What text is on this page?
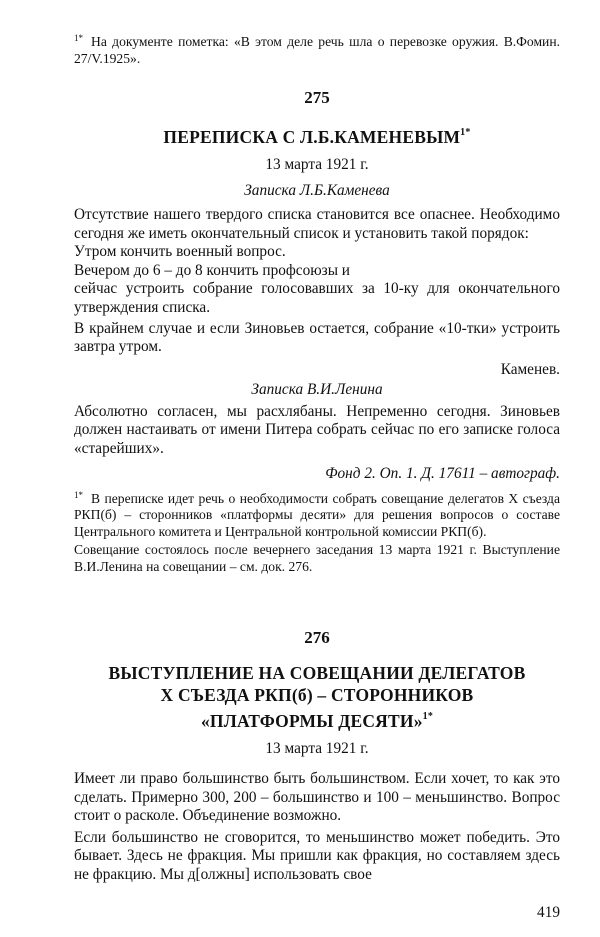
$^{1*}$ На документе пометка: «В этом деле речь шла о перевозке оружия. В.Фомин. 27/V.1925».

275

ПЕРЕПИСКА С $Л.Б.КАМЕНЕВЫМ^{1*}$

13 марта 1921 г.

Записка Л.Б.Каменева

Отсутствие нашего твердого списка становится все опаснее. Необходимо сегодня же иметь окончательный список и установить такой порядок:

Утром кончить военный вопрос.

Вечером до 6 – до 8 кончить профсоюзы и

сейчас устроить собрание голосовавших за 10-ку для окончательного утверждения списка.

В крайнем случае и если Зиновьев остается, собрание «10-тки» устроить завтра утром.

Каменев.

Записка В.И.Ленина

Абсолютно согласен, мы расхлябаны. Непременно сегодня. Зиновьев должен настаивать от имени Питера собрать сейчас по его записке голоса «старейших».

Фонд 2. Оп. 1. Д. 17611 – автограф.

$^{1*}$ В переписке идет речь о необходимости собрать совещание делегатов X съезда РКП(б) – сторонников «платформы десяти» для решения вопросов о составе Центрального комитета и Центральной контрольной комиссии РКП(б).

Совещание состоялось после вечернего заседания 13 марта 1921 г. Выступление В.И.Ленина на совещании – см. док. 276.

276

ВЫСТУПЛЕНИЕ НА СОВЕЩАНИИ ДЕЛЕГАТОВ

X СЪЕЗДА РКП(б) – СТОРОННИКОВ

«ПЛАТФОРМЫ ДЕСЯТИ»$^{1*}$

13 марта 1921 г.

Имеет ли право большинство быть большинством. Если хочет, то как это сделать. Примерно 300, 200 – большинство и 100 – меньшинство. Вопрос стоит о расколе. Объединение возможно.

Если большинство не сговорится, то меньшинство может победить. Это бывает. Здесь не фракция. Мы пришли как фракция, но составляем здесь не фракцию. Мы д[олжны] использовать свое

419
